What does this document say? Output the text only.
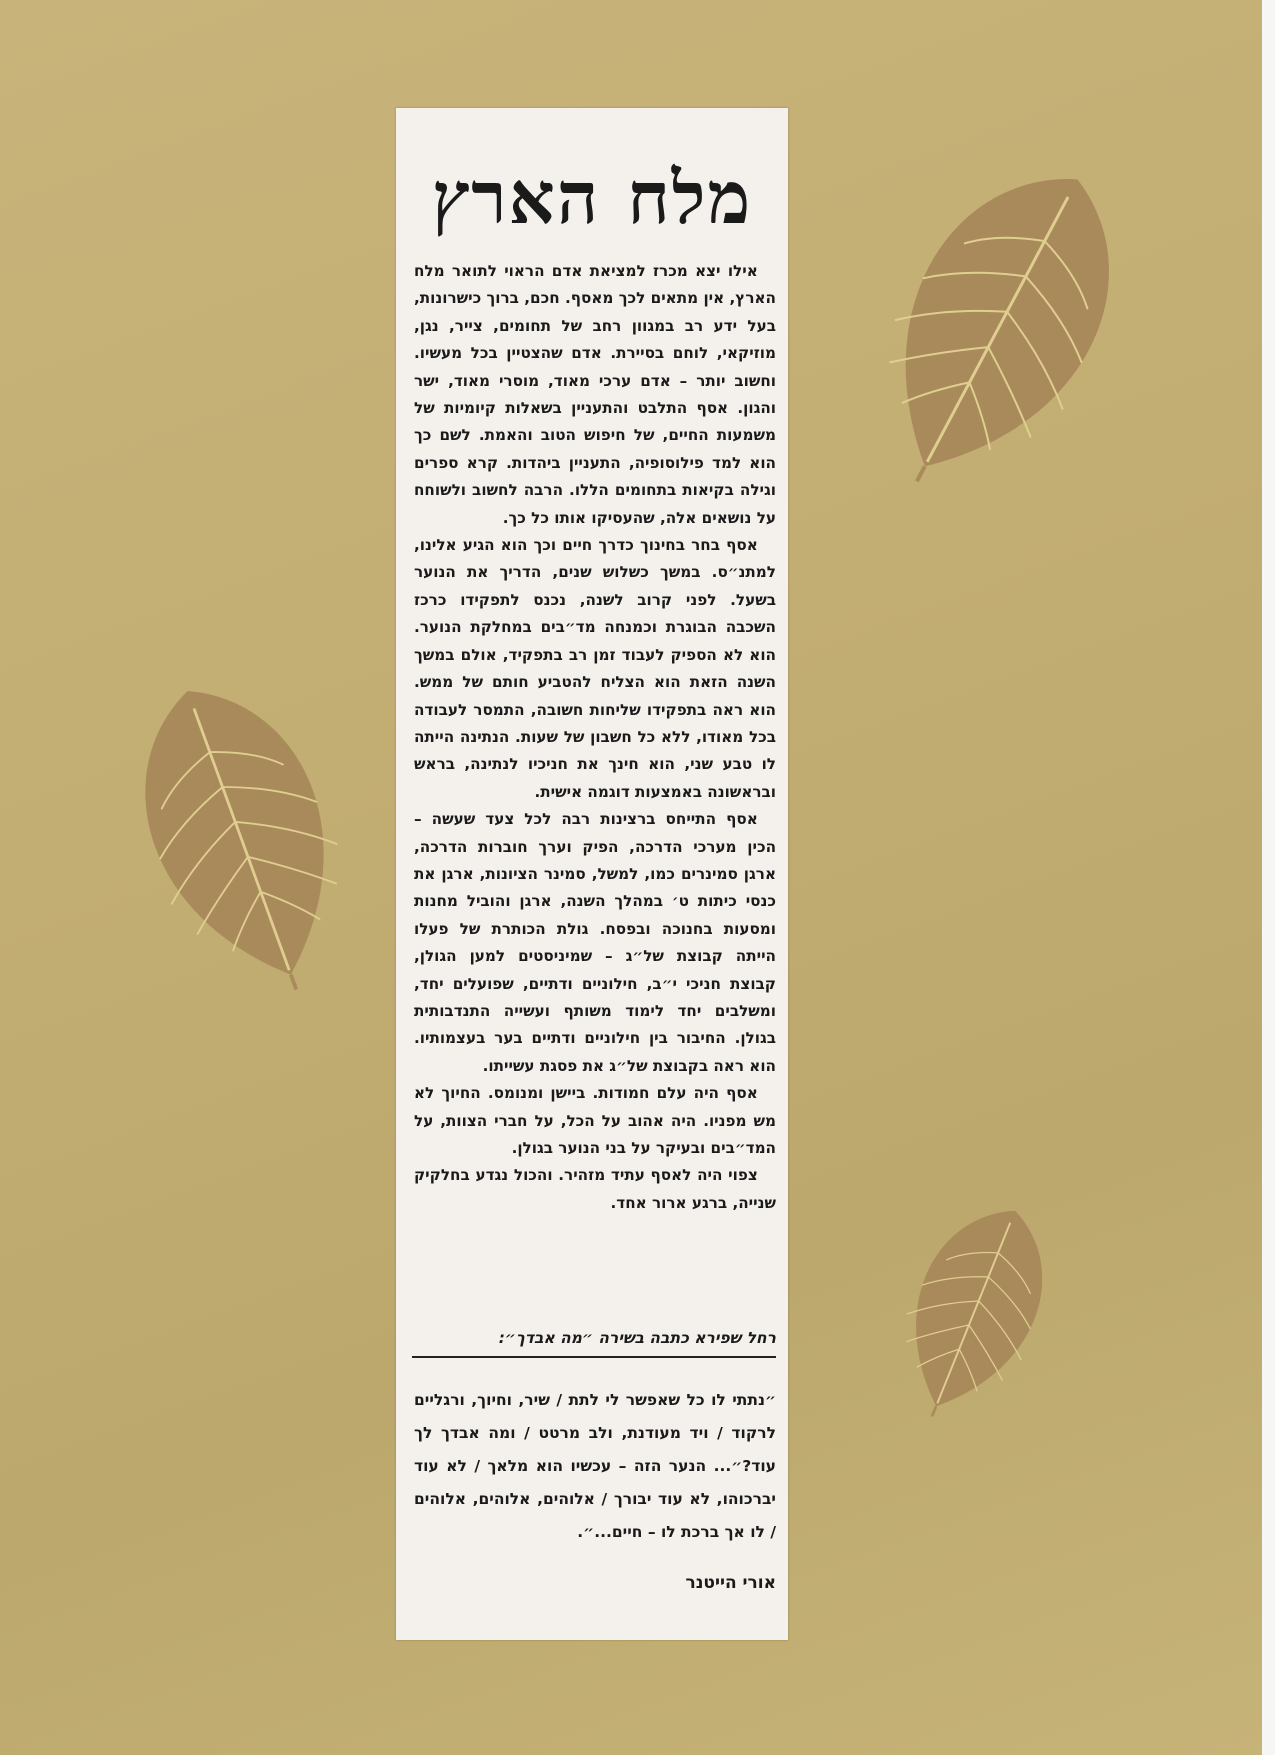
מלח הארץ

אילו יצא מכרז למציאת אדם הראוי לתואר מלח הארץ, אין מתאים לכך מאסף. חכם, ברוך כישרונות, בעל ידע רב במגוון רחב של תחומים, צייר, נגן, מוזיקאי, לוחם בסיירת. אדם שהצטיין בכל מעשיו. וחשוב יותר – אדם ערכי מאוד, מוסרי מאוד, ישר והגון. אסף התלבט והתעניין בשאלות קיומיות של משמעות החיים, של חיפוש הטוב והאמת. לשם כך הוא למד פילוסופיה, התעניין ביהדות. קרא ספרים וגילה בקיאות בתחומים הללו. הרבה לחשוב ולשוחח על נושאים אלה, שהעסיקו אותו כל כך.

אסף בחר בחינוך כדרך חיים וכך הוא הגיע אלינו, למתנ״ס. במשך כשלוש שנים, הדריך את הנוער בשעל. לפני קרוב לשנה, נכנס לתפקידו כרכז השכבה הבוגרת וכמנחה מד״בים במחלקת הנוער. הוא לא הספיק לעבוד זמן רב בתפקיד, אולם במשך השנה הזאת הוא הצליח להטביע חותם של ממש. הוא ראה בתפקידו שליחות חשובה, התמסר לעבודה בכל מאודו, ללא כל חשבון של שעות. הנתינה הייתה לו טבע שני, הוא חינך את חניכיו לנתינה, בראש ובראשונה באמצעות דוגמה אישית.

אסף התייחס ברצינות רבה לכל צעד שעשה – הכין מערכי הדרכה, הפיק וערך חוברות הדרכה, ארגן סמינרים כמו, למשל, סמינר הציונות, ארגן את כנסי כיתות ט׳ במהלך השנה, ארגן והוביל מחנות ומסעות בחנוכה ובפסח. גולת הכותרת של פעלו הייתה קבוצת של״ג – שמיניסטים למען הגולן, קבוצת חניכי י״ב, חילוניים ודתיים, שפועלים יחד, ומשלבים יחד לימוד משותף ועשייה התנדבותית בגולן. החיבור בין חילוניים ודתיים בער בעצמותיו. הוא ראה בקבוצת של״ג את פסגת עשייתו.

אסף היה עלם חמודות. ביישן ומנומס. החיוך לא מש מפניו. היה אהוב על הכל, על חברי הצוות, על המד״בים ובעיקר על בני הנוער בגולן.

צפוי היה לאסף עתיד מזהיר. והכול נגדע בחלקיק שנייה, ברגע ארור אחד.

רחל שפירא כתבה בשירה ״מה אבדך״:
״נתתי לו כל שאפשר לי לתת / שיר, וחיוך, ורגליים לרקוד / ויד מעודנת, ולב מרטט / ומה אבדך לך עוד?״... הנער הזה – עכשיו הוא מלאך / לא עוד יברכוהו, לא עוד יבורך / אלוהים, אלוהים, אלוהים / לו אך ברכת לו – חיים...״.
אורי הייטנר
